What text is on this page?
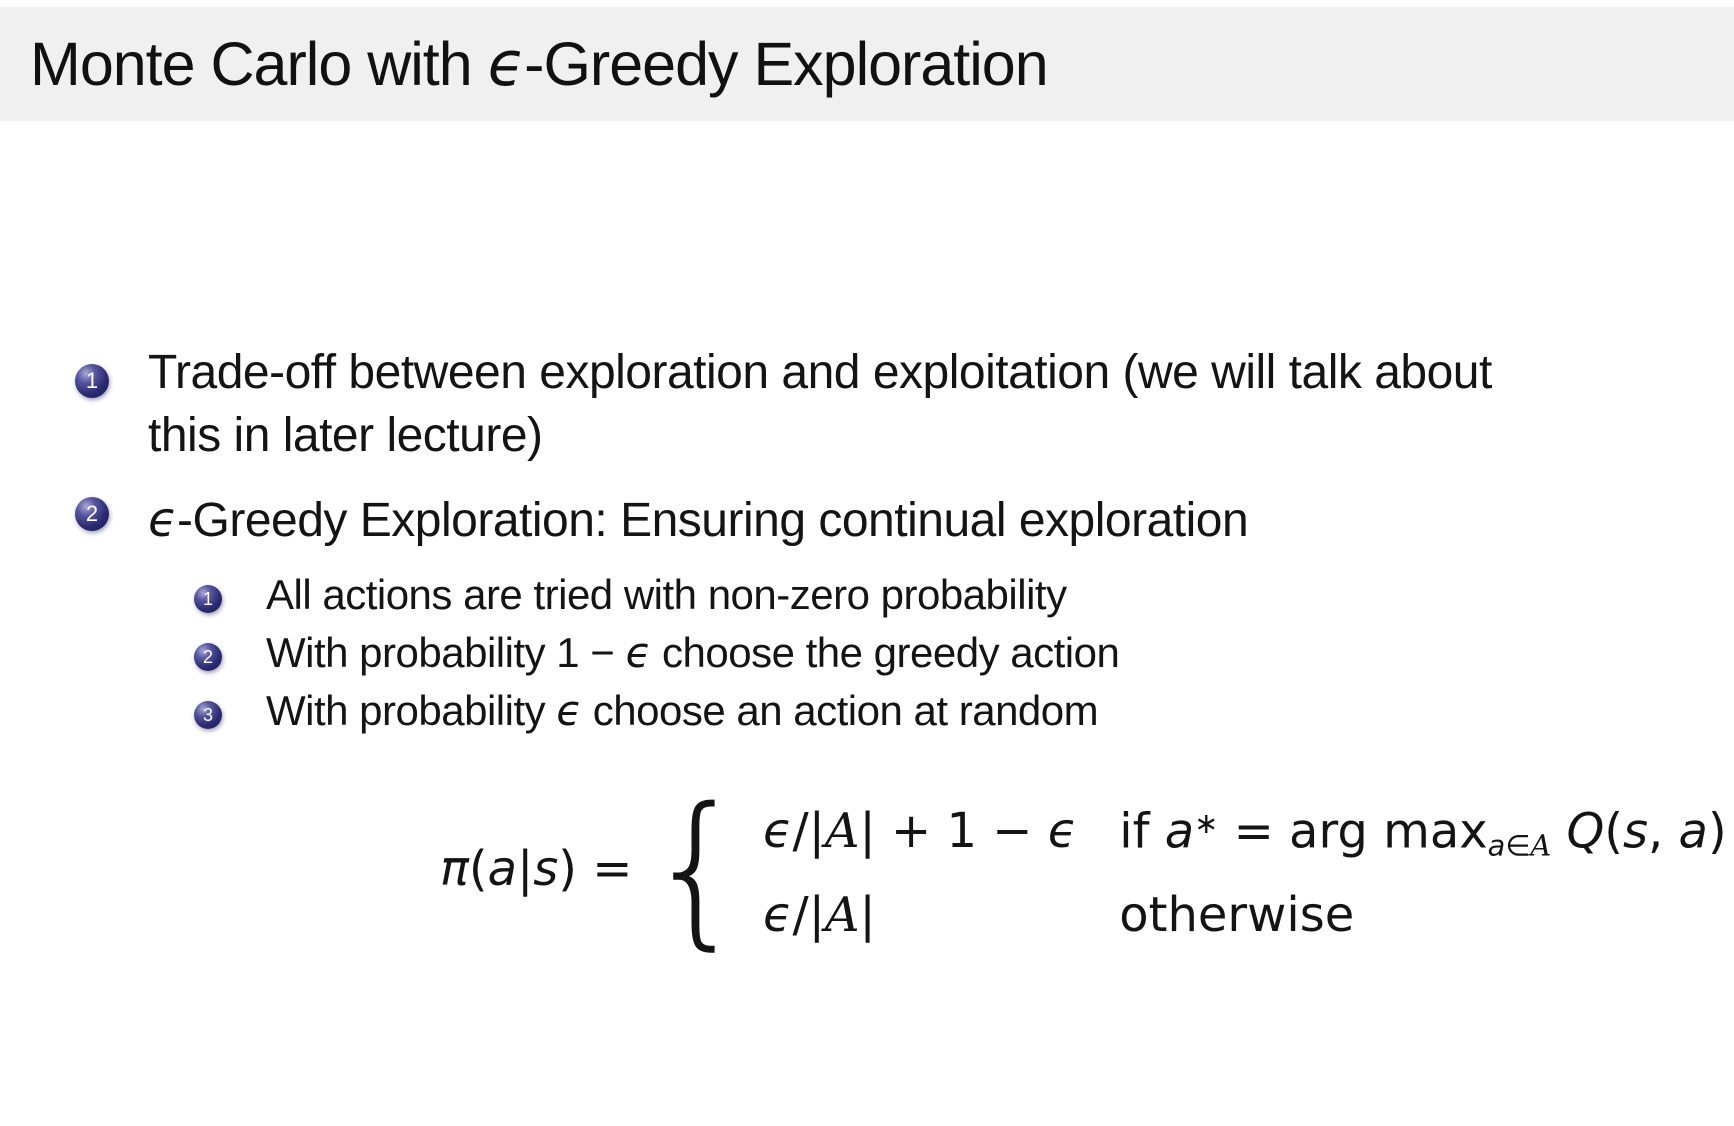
Monte Carlo with ϵ-Greedy Exploration
1 Trade-off between exploration and exploitation (we will talk about
this in later lecture)
2 ϵ-Greedy Exploration: Ensuring continual exploration
1 All actions are tried with non-zero probability
2 With probability 1 − ϵ choose the greedy action
3 With probability ϵ choose an action at random
π(a|s) = { ϵ/|A| + 1 − ϵ if a∗ = arg $\max_{a\in A} Q(s$, a)
ϵ/|A|	otherwise
